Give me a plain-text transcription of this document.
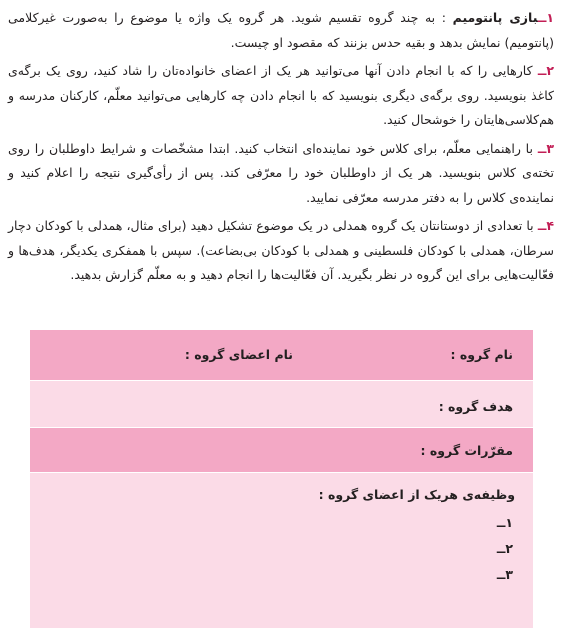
۱ــبازی پانتومیم : به چند گروه تقسیم شوید. هر گروه یک واژه یا موضوع را به‌صورت غیرکلامی (پانتومیم) نمایش بدهد و بقیه حدس بزنند که مقصود او چیست.

۲ــ کارهایی را که با انجام دادن آنها می‌توانید هر یک از اعضای خانواده‌تان را شاد کنید، روی یک برگه‌ی کاغذ بنویسید. روی برگه‌ی دیگری بنویسید که با انجام دادن چه کارهایی می‌توانید معلّم، کارکنان مدرسه و هم‌کلاسی‌هایتان را خوشحال کنید.

۳ــ با راهنمایی معلّم، برای کلاس خود نماینده‌ای انتخاب کنید. ابتدا مشخّصات و شرایط داوطلبان را روی تخته‌ی کلاس بنویسید. هر یک از داوطلبان خود را معرّفی کند. پس از رأی‌گیری نتیجه را اعلام کنید و نماینده‌ی کلاس را به دفتر مدرسه معرّفی نمایید.

۴ــ با تعدادی از دوستانتان یک گروه همدلی در یک موضوع تشکیل دهید (برای مثال، همدلی با کودکان دچار سرطان، همدلی با کودکان فلسطینی و همدلی با کودکان بی‌بضاعت). سپس با همفکری یکدیگر، هدف‌ها و فعّالیت‌هایی برای این گروه در نظر بگیرید. آن فعّالیت‌ها را انجام دهید و به معلّم گزارش بدهید.

نام گروه :
نام اعضای گروه :
هدف گروه :
مقرّرات گروه :
وظیفه‌ی هریک از اعضای گروه :
۱ــ
۲ــ
۳ــ
